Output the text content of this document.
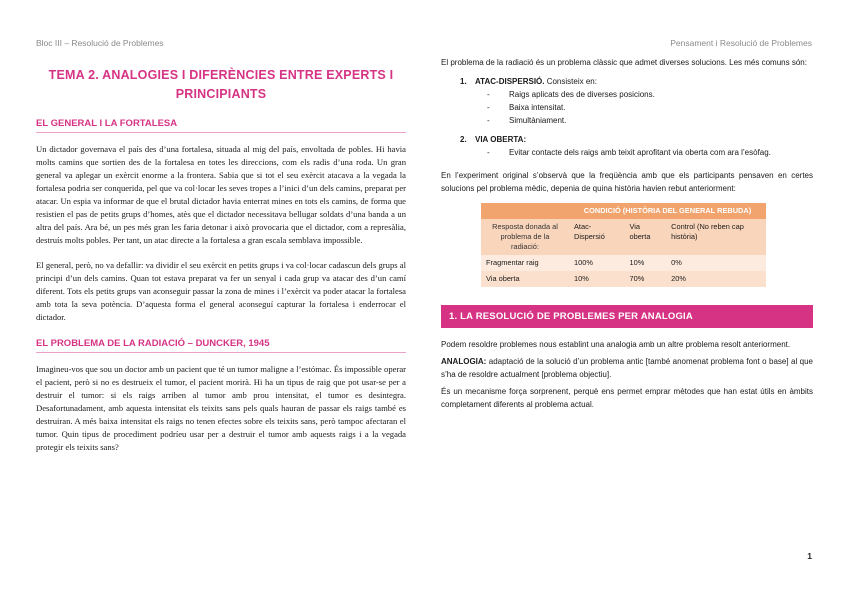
Bloc III – Resolució de Problemes	Pensament i Resolució de Problemes
TEMA 2. ANALOGIES I DIFERÈNCIES ENTRE EXPERTS I
PRINCIPIANTS
EL GENERAL I LA FORTALESA

Un dictador governava el país des d’una fortalesa, situada al mig del país, envoltada de pobles. Hi havia molts camins que sortien des de la fortalesa en totes les direccions, com els radis d’una roda. Un gran general va aplegar un exèrcit enorme a la frontera. Sabia que si tot el seu exèrcit atacava a la vegada la fortalesa podria ser conquerida, pel que va col·locar les seves tropes a l’inici d’un dels camins, preparat per atacar. Un espia va informar de que el brutal dictador havia enterrat mines en tots els camins, de forma que resistien el pas de petits grups d’homes, atès que el dictador necessitava bellugar soldats d’una banda a un altra del país. Ara bé, un pes més gran les faria detonar i això provocaria que el dictador, com a represàlia, destruís molts pobles. Per tant, un atac directe a la fortalesa a gran escala semblava impossible.

El general, però, no va defallir: va dividir el seu exèrcit en petits grups i va col·locar cadascun dels grups al principi d’un dels camins. Quan tot estava preparat va fer un senyal i cada grup va atacar des d’un camí diferent. Tots els petits grups van aconseguir passar la zona de mines i l’exèrcit va poder atacar la fortalesa amb tota la seva potència. D’aquesta forma el general aconseguí capturar la fortalesa i enderrocar el dictador.

EL PROBLEMA DE LA RADIACIÓ – DUNCKER, 1945

Imagineu-vos que sou un doctor amb un pacient que té un tumor maligne a l’estómac. És impossible operar el pacient, però si no es destrueix el tumor, el pacient morirà. Hi ha un tipus de raig que pot usar-se per a destruir el tumor: si els raigs arriben al tumor amb prou intensitat, el tumor es desintegra. Desafortunadament, amb aquesta intensitat els teixits sans pels quals hauran de passar els raigs també es destruiran. A més baixa intensitat els raigs no tenen efectes sobre els teixits sans, però tampoc afectaran el tumor. Quin tipus de procediment podríeu usar per a destruir el tumor amb aquests raigs i a la vegada protegir els teixits sans?

El problema de la radiació és un problema clàssic que admet diverses solucions. Les més comuns són:

1. ATAC-DISPERSIÓ. Consisteix en:
- Raigs aplicats des de diverses posicions.
- Baixa intensitat.
- Simultàniament.
2. VIA OBERTA:
- Evitar contacte dels raigs amb teixit aprofitant via oberta com ara l’esòfag.

En l’experiment original s’observà que la freqüència amb que els participants pensaven en certes solucions pel problema mèdic, depenia de quina història havien rebut anteriorment:

	CONDICIÓ (HISTÒRIA DEL GENERAL REBUDA)		
Resposta donada al problema de la radiació:	Atac-Dispersió	Via oberta	Control (No reben cap història)
Fragmentar raig	100%	10%	0%
Via oberta	10%	70%	20%
1. LA RESOLUCIÓ DE PROBLEMES PER ANALOGIA

Podem resoldre problemes nous establint una analogia amb un altre problema resolt anteriorment.

ANALOGIA: adaptació de la solució d’un problema antic [també anomenat problema font o base] al que s’ha de resoldre actualment [problema objectiu].

És un mecanisme força sorprenent, perquè ens permet emprar mètodes que han estat útils en àmbits completament diferents al problema actual.

1
